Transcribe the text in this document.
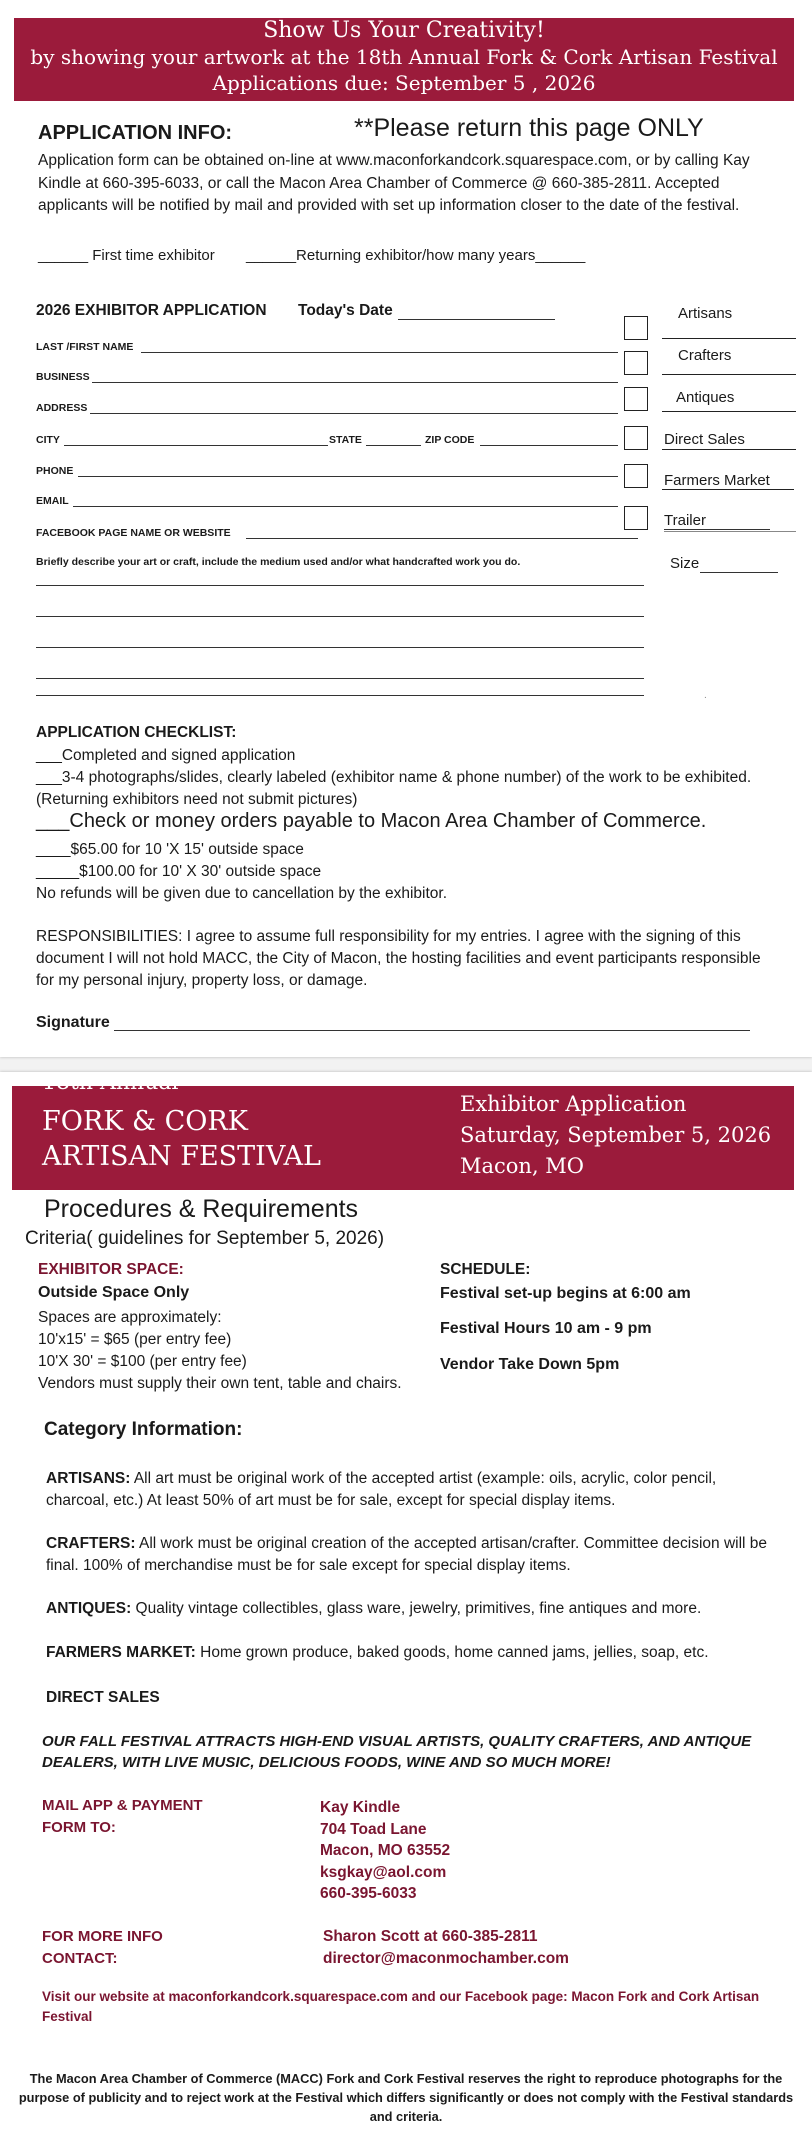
Show Us Your Creativity!
by showing your artwork at the 18th Annual Fork & Cork Artisan Festival
Applications due: September 5 , 2026
APPLICATION INFO:	**Please return this page ONLY
Application form can be obtained on-line at www.maconforkandcork.squarespace.com, or by calling Kay Kindle at 660-395-6033, or call the Macon Area Chamber of Commerce @ 660-385-2811. Accepted applicants will be notified by mail and provided with set up information closer to the date of the festival.
______ First time exhibitor ______Returning exhibitor/how many years______
2026 EXHIBITOR APPLICATION Today's Date
LAST /FIRST NAME
BUSINESS
ADDRESS
CITY	STATE	ZIP CODE
PHONE
EMAIL
FACEBOOK PAGE NAME OR WEBSITE
Briefly describe your art or craft, include the medium used and/or what handcrafted work you do.
Artisans
Crafters
Antiques
Direct Sales
Farmers Market
Trailer
Size
.
APPLICATION CHECKLIST:
___Completed and signed application
___3-4 photographs/slides, clearly labeled (exhibitor name & phone number) of the work to be exhibited. (Returning exhibitors need not submit pictures)
___Check or money orders payable to Macon Area Chamber of Commerce.
____$65.00 for 10 'X 15' outside space
_____$100.00 for 10' X 30' outside space
No refunds will be given due to cancellation by the exhibitor.
RESPONSIBILITIES: I agree to assume full responsibility for my entries. I agree with the signing of this document I will not hold MACC, the City of Macon, the hosting facilities and event participants responsible for my personal injury, property loss, or damage.
Signature
18th Annual
FORK & CORK
ARTISAN FESTIVAL
Exhibitor Application
Saturday, September 5, 2026
Macon, MO
Procedures & Requirements
Criteria( guidelines for September 5, 2026)
EXHIBITOR SPACE:
Outside Space Only
Spaces are approximately:
10'x15' = $65 (per entry fee)
10'X 30' = $100 (per entry fee)
Vendors must supply their own tent, table and chairs.
SCHEDULE:
Festival set-up begins at 6:00 am
Festival Hours 10 am - 9 pm
Vendor Take Down 5pm
Category Information:
ARTISANS: All art must be original work of the accepted artist (example: oils, acrylic, color pencil, charcoal, etc.) At least 50% of art must be for sale, except for special display items.
CRAFTERS: All work must be original creation of the accepted artisan/crafter. Committee decision will be final. 100% of merchandise must be for sale except for special display items.
ANTIQUES: Quality vintage collectibles, glass ware, jewelry, primitives, fine antiques and more.
FARMERS MARKET: Home grown produce, baked goods, home canned jams, jellies, soap, etc.
DIRECT SALES
OUR FALL FESTIVAL ATTRACTS HIGH-END VISUAL ARTISTS, QUALITY CRAFTERS, AND ANTIQUE DEALERS, WITH LIVE MUSIC, DELICIOUS FOODS, WINE AND SO MUCH MORE!
MAIL APP & PAYMENT
FORM TO:
Kay Kindle
704 Toad Lane
Macon, MO 63552
ksgkay@aol.com
660-395-6033
FOR MORE INFO
CONTACT:
Sharon Scott at 660-385-2811
director@maconmochamber.com
Visit our website at maconforkandcork.squarespace.com and our Facebook page: Macon Fork and Cork Artisan Festival
The Macon Area Chamber of Commerce (MACC) Fork and Cork Festival reserves the right to reproduce photographs for the purpose of publicity and to reject work at the Festival which differs significantly or does not comply with the Festival standards and criteria.
